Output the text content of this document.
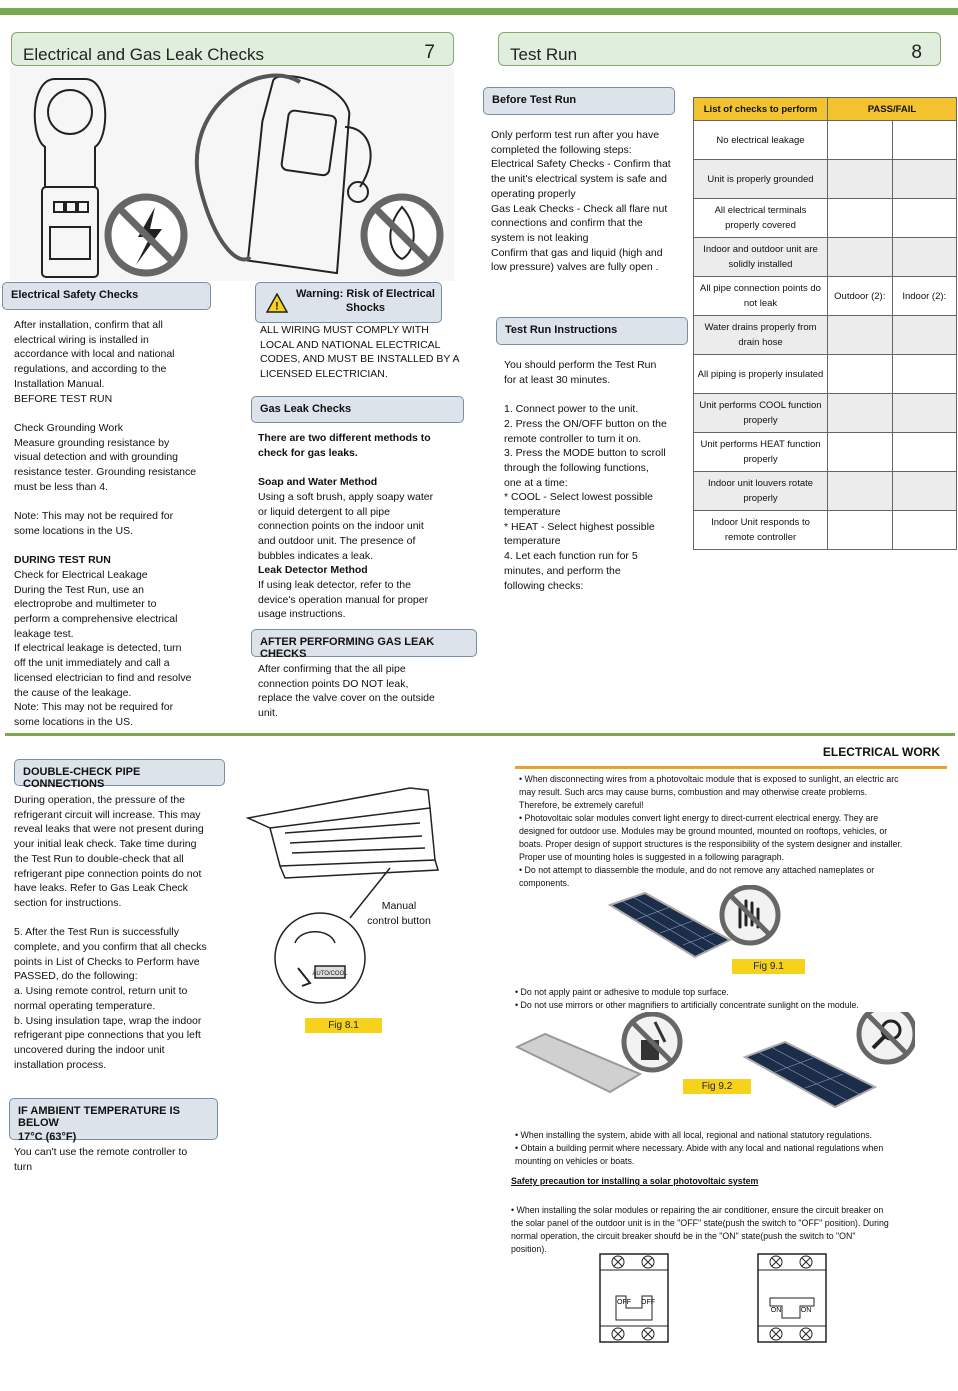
Electrical and Gas Leak Checks	7	Test Run	8
Electrical Safety Checks

After installation, confirm that all

electrical wiring is installed in

accordance with local and national

regulations, and according to the

Installation Manual.

BEFORE TEST RUN

Check Grounding Work

Measure grounding resistance by

visual detection and with grounding

resistance tester. Grounding resistance

must be less than 4.

Note: This may not be required for

some locations in the US.

DURING TEST RUN

Check for Electrical Leakage

During the Test Run, use an

electroprobe and multimeter to

perform a comprehensive electrical

leakage test.

If electrical leakage is detected, turn

off the unit immediately and call a

licensed electrician to find and resolve

the cause of the leakage.

Note: This may not be required for

some locations in the US.

!
Warning: Risk of Electrical
Shocks

ALL WIRING MUST COMPLY WITH

LOCAL AND NATIONAL ELECTRICAL

CODES, AND MUST BE INSTALLED BY A

LICENSED ELECTRICIAN.

Gas Leak Checks

There are two different methods to

check for gas leaks.

Soap and Water Method

Using a soft brush, apply soapy water

or liquid detergent to all pipe

connection points on the indoor unit

and outdoor unit. The presence of

bubbles indicates a leak.

Leak Detector Method

If using leak detector, refer to the

device's operation manual for proper

usage instructions.

AFTER PERFORMING GAS LEAK CHECKS

After confirming that the all pipe

connection points DO NOT leak,

replace the valve cover on the outside

unit.

Before Test Run

Only perform test run after you have

completed the following steps:

Electrical Safety Checks - Confirm that

the unit's electrical system is safe and

operating properly

Gas Leak Checks - Check all flare nut

connections and confirm that the

system is not leaking

Confirm that gas and liquid (high and

low pressure) valves are fully open .

Test Run Instructions

You should perform the Test Run

for at least 30 minutes.

1. Connect power to the unit.

2. Press the ON/OFF button on the

remote controller to turn it on.

3. Press the MODE button to scroll

through the following functions,

one at a time:

* COOL - Select lowest possible

temperature

* HEAT - Select highest possible

temperature

4. Let each function run for 5

minutes, and perform the

following checks:

List of checks to perform	PASS/FAIL	
No electrical leakage		
Unit is properly grounded		
All electrical terminals properly covered		
Indoor and outdoor unit are solidly installed		
All pipe connection points do not leak	Outdoor (2):	Indoor (2):
Water drains properly from drain hose		
All piping is properly insulated		
Unit performs COOL function properly		
Unit performs HEAT function properly		
Indoor unit louvers rotate properly		
Indoor Unit responds to remote controller		
DOUBLE-CHECK PIPE CONNECTIONS

During operation, the pressure of the

refrigerant circuit will increase. This may

reveal leaks that were not present during

your initial leak check. Take time during

the Test Run to double-check that all

refrigerant pipe connection points do not

have leaks. Refer to Gas Leak Check

section for instructions.

5. After the Test Run is successfully

complete, and you confirm that all checks

points in List of Checks to Perform have

PASSED, do the following:

a. Using remote control, return unit to

normal operating temperature.

b. Using insulation tape, wrap the indoor

refrigerant pipe connections that you left

uncovered during the indoor unit

installation process.

IF AMBIENT TEMPERATURE IS BELOW
17°C (63°F)

You can't use the remote controller to

turn

AUTO/COOL

Manual

control button

Fig 8.1
ELECTRICAL WORK

• When disconnecting wires from a photovoltaic module that is exposed to sunlight, an electric arc

may result. Such arcs may cause burns, combustion and may otherwise create problems.

Therefore, be extremely careful!

• Photovoltaic solar modules convert light energy to direct-current electrical energy. They are

designed for outdoor use. Modules may be ground mounted, mounted on rooftops, vehicles, or

boats. Proper design of support structures is the responsibility of the system designer and installer.

Proper use of mounting holes is suggested in a following paragraph.

• Do not attempt to diassemble the module, and do not remove any attached nameplates or

components.

Fig 9.1

• Do not apply paint or adhesive to module top surface.

• Do not use mirrors or other magnifiers to artificially concentrate sunlight on the module.

Fig 9.2

• When installing the system, abide with all local, regional and national statutory regulations.

• Obtain a building permit where necessary. Abide with any local and national regulations when

mounting on vehicles or boats.

Safety precaution tor installing a solar photovoltaic system

• When installing the solar modules or repairing the air conditioner, ensure the circuit breaker on

the solar panel of the outdoor unit is in the "OFF" state(push the switch to "OFF" position). During

normal operation, the circuit breaker shoufd be in the "ON" state(push the switch to "ON"

position).

OFF OFF
ON	ON
